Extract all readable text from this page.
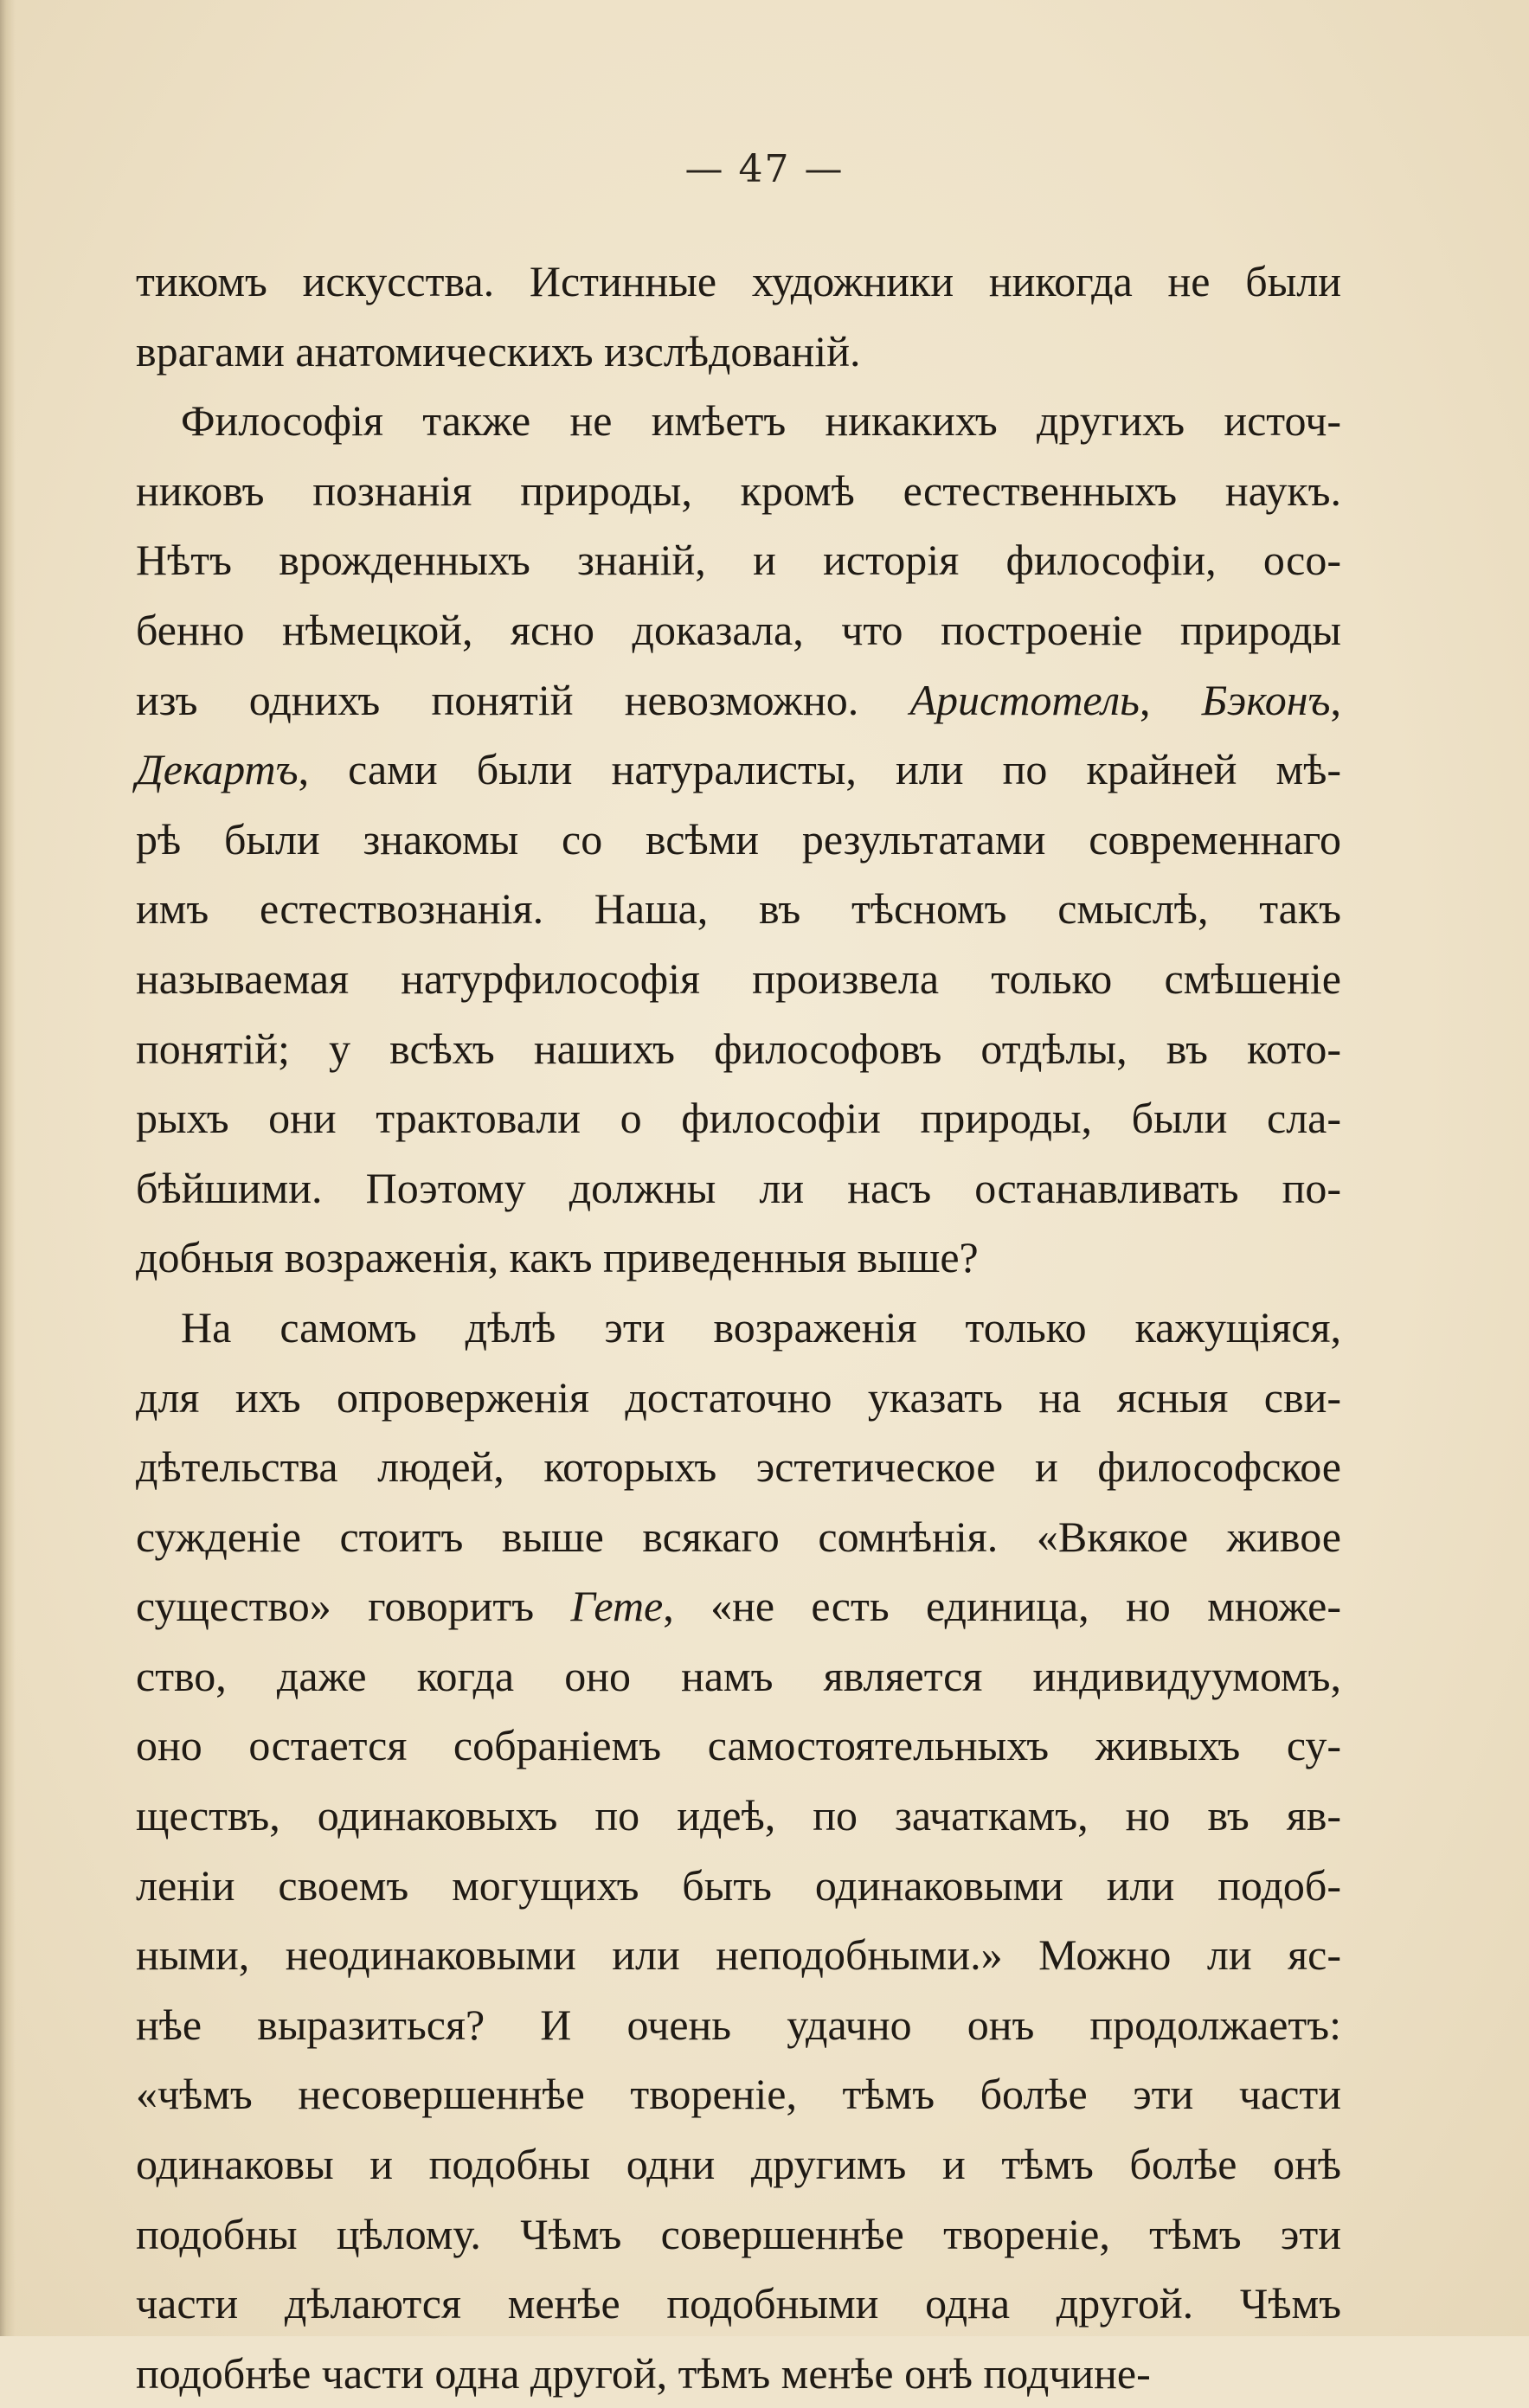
— 47 —
тикомъ искусства. Истинные художники никогда не были
врагами анатомическихъ изслѣдованій.
Философія также не имѣетъ никакихъ другихъ источ-
никовъ познанія природы, кромѣ естественныхъ наукъ.
Нѣтъ врожденныхъ знаній, и исторія философіи, осо-
бенно нѣмецкой, ясно доказала, что построеніе природы
изъ однихъ понятій невозможно. Аристотель, Бэконъ,
Декартъ, сами были натуралисты, или по крайней мѣ-
рѣ были знакомы со всѣми результатами современнаго
имъ естествознанія. Наша, въ тѣсномъ смыслѣ, такъ
называемая натурфилософія произвела только смѣшеніе
понятій; у всѣхъ нашихъ философовъ отдѣлы, въ кото-
рыхъ они трактовали о философіи природы, были сла-
бѣйшими. Поэтому должны ли насъ останавливать по-
добныя возраженія, какъ приведенныя выше?
На самомъ дѣлѣ эти возраженія только кажущіяся,
для ихъ опроверженія достаточно указать на ясныя сви-
дѣтельства людей, которыхъ эстетическое и философское
сужденіе стоитъ выше всякаго сомнѣнія. «Вкякое живое
существо» говоритъ Гете, «не есть единица, но множе-
ство, даже когда оно намъ является индивидуумомъ,
оно остается собраніемъ самостоятельныхъ живыхъ су-
ществъ, одинаковыхъ по идеѣ, по зачаткамъ, но въ яв-
леніи своемъ могущихъ быть одинаковыми или подоб-
ными, неодинаковыми или неподобными.» Можно ли яс-
нѣе выразиться? И очень удачно онъ продолжаетъ:
«чѣмъ несовершеннѣе твореніе, тѣмъ болѣе эти части
одинаковы и подобны одни другимъ и тѣмъ болѣе онѣ
подобны цѣлому. Чѣмъ совершеннѣе твореніе, тѣмъ эти
части дѣлаются менѣе подобными одна другой. Чѣмъ
подобнѣе части одна другой, тѣмъ менѣе онѣ подчине-
